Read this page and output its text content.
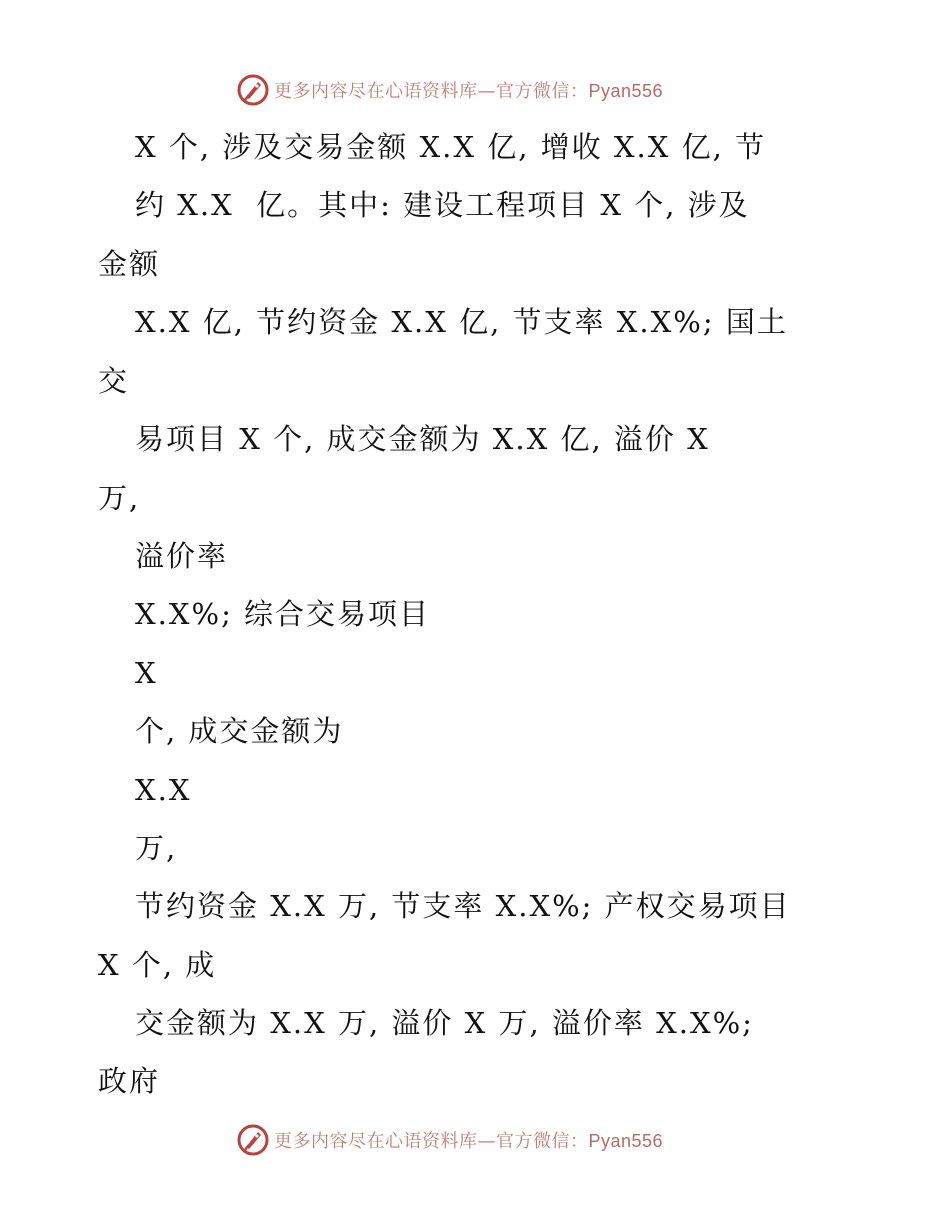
更多内容尽在心语资料库—官方微信：Pyan556
X 个, 涉及交易金额 X.X 亿, 增收 X.X 亿, 节
约 X.X  亿。其中: 建设工程项目 X 个, 涉及
金额
X.X 亿, 节约资金 X.X 亿, 节支率 X.X%; 国土
交
易项目 X 个, 成交金额为 X.X 亿, 溢价 X
万,
溢价率
X.X%; 综合交易项目
X
个, 成交金额为
X.X
万,
节约资金 X.X 万, 节支率 X.X%; 产权交易项目
X 个, 成
交金额为 X.X 万, 溢价 X 万, 溢价率 X.X%;
政府
更多内容尽在心语资料库—官方微信：Pyan556
